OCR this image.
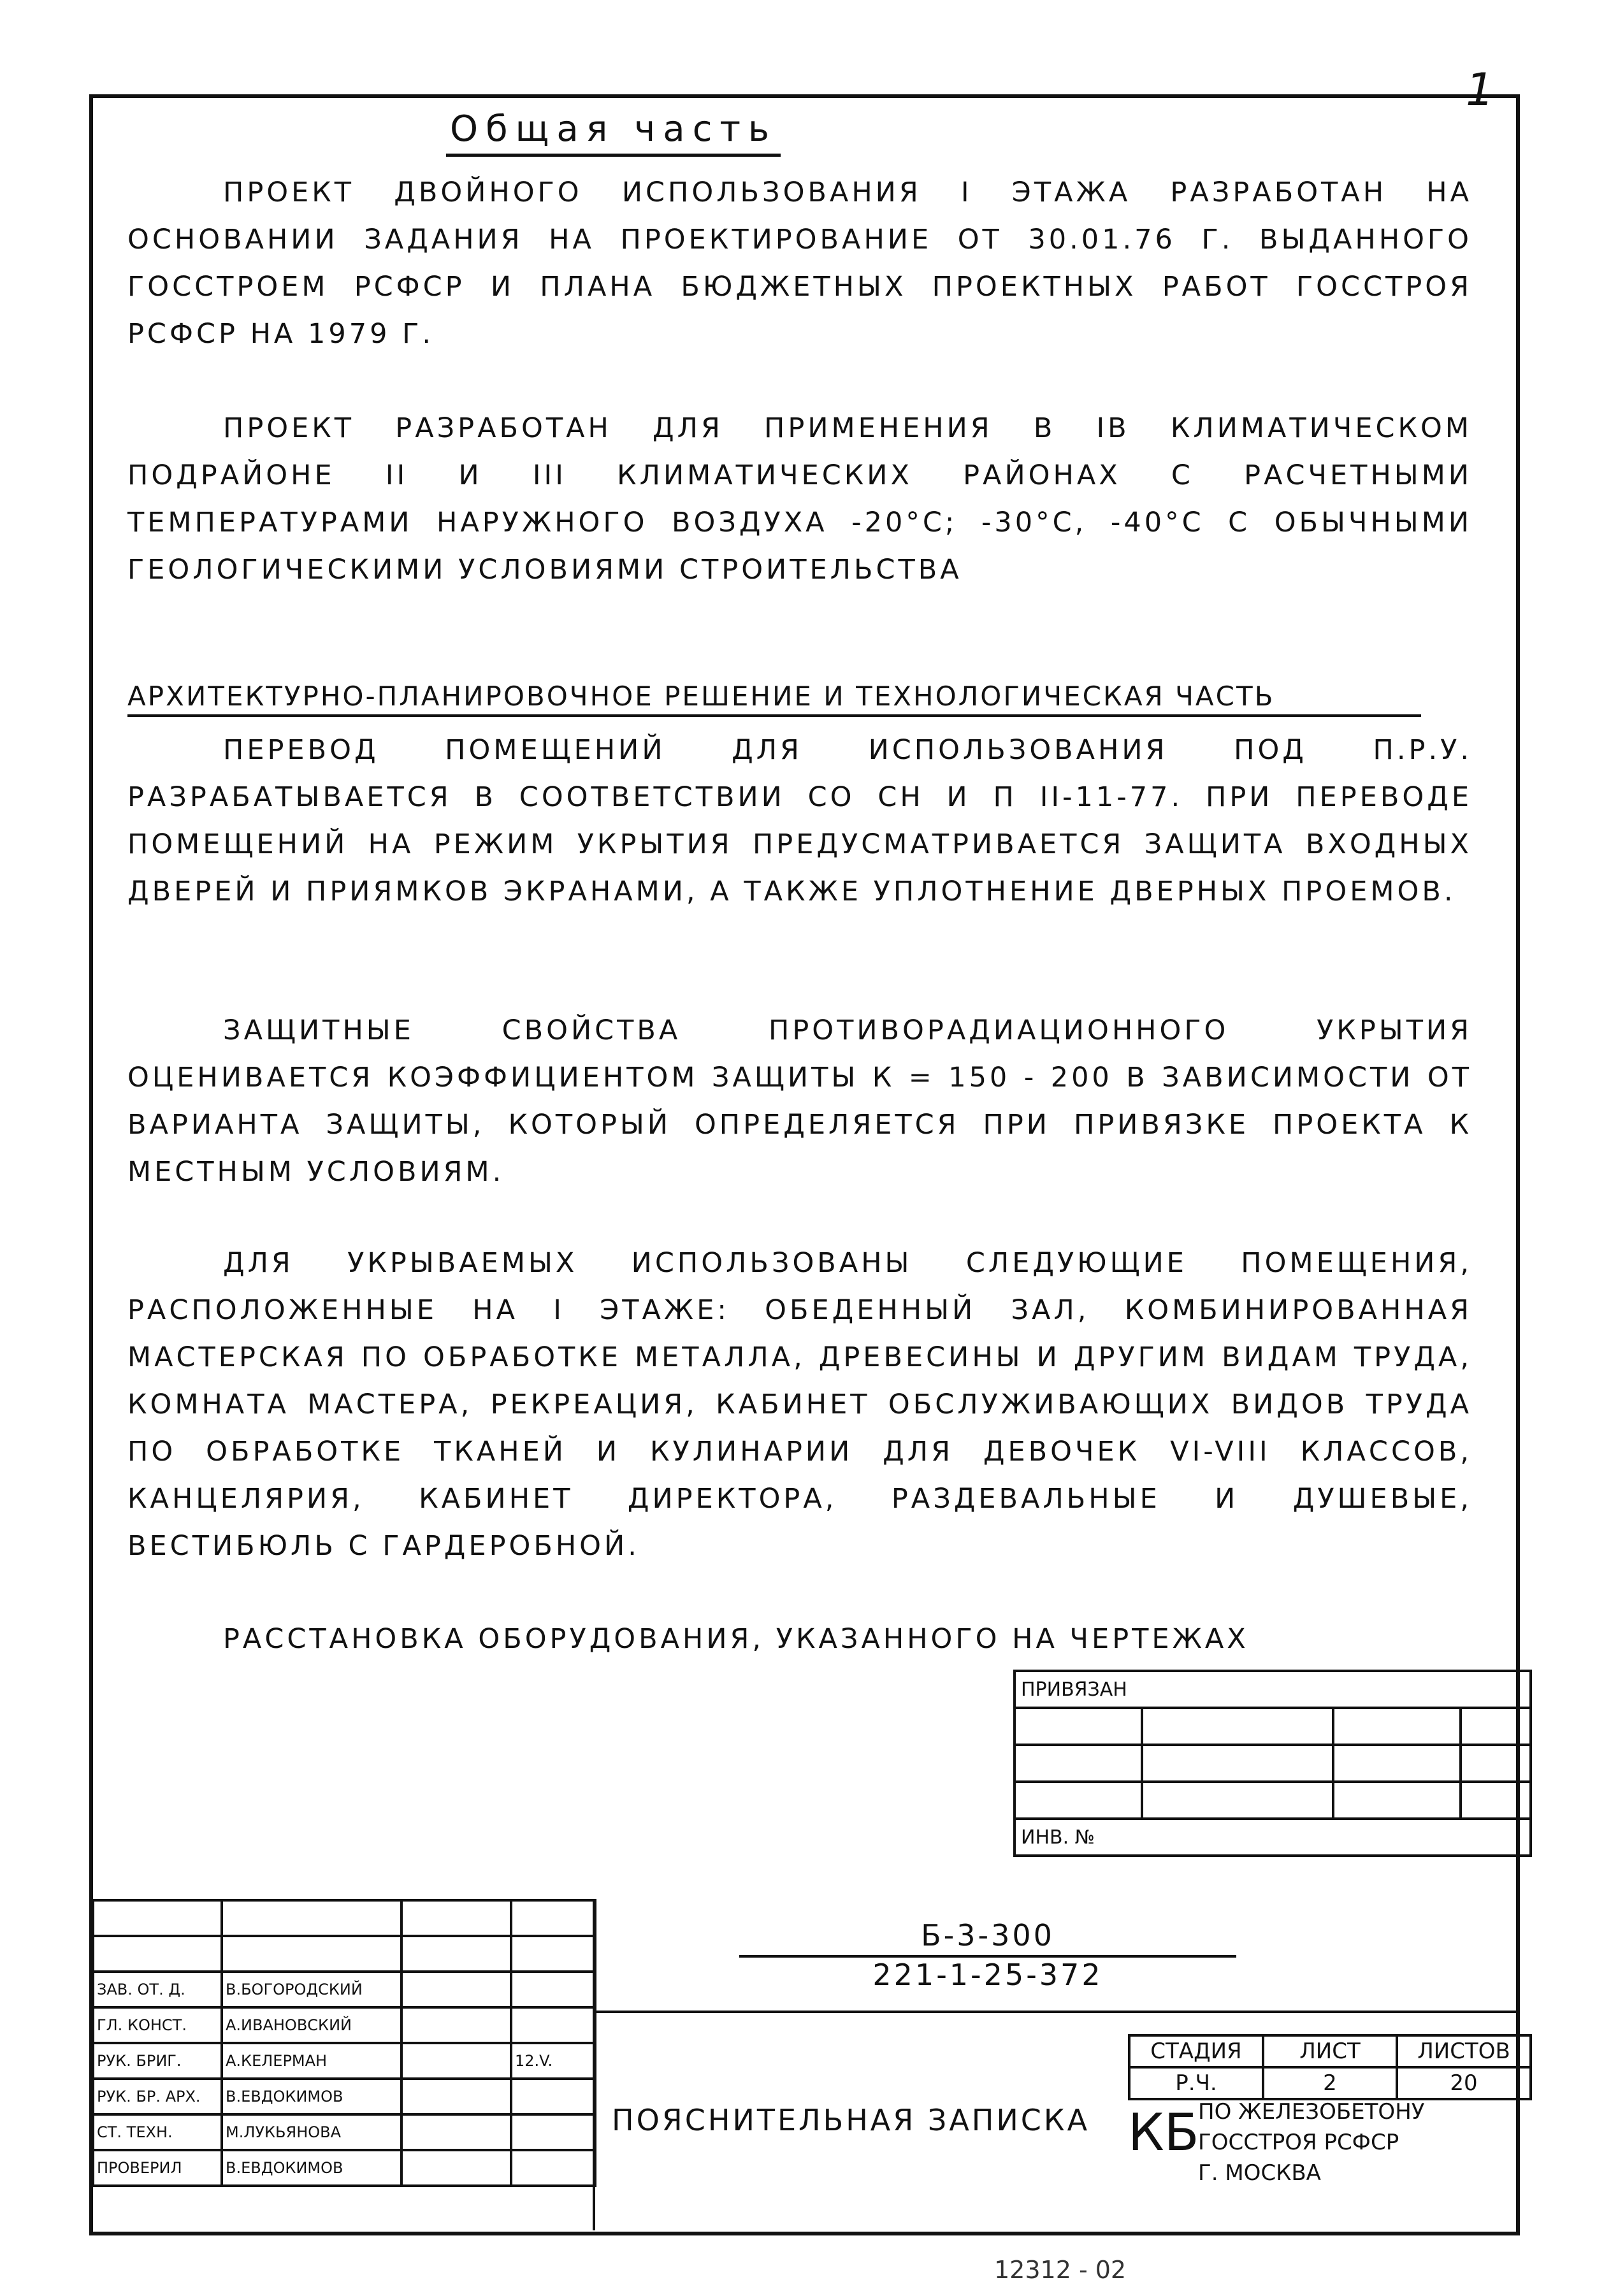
1
Общая часть

ПРОЕКТ ДВОЙНОГО ИСПОЛЬЗОВАНИЯ I ЭТАЖА РАЗРАБОТАН НА ОСНОВАНИИ ЗАДАНИЯ НА ПРОЕКТИРОВАНИЕ ОТ 30.01.76 Г. ВЫДАННОГО ГОССТРОЕМ РСФСР И ПЛАНА БЮДЖЕТНЫХ ПРОЕКТНЫХ РАБОТ ГОССТРОЯ РСФСР НА 1979 Г.

ПРОЕКТ РАЗРАБОТАН ДЛЯ ПРИМЕНЕНИЯ В IВ КЛИМАТИЧЕСКОМ ПОДРАЙОНЕ II И III КЛИМАТИЧЕСКИХ РАЙОНАХ С РАСЧЕТНЫМИ ТЕМПЕРАТУРАМИ НАРУЖНОГО ВОЗДУХА -20°С; -30°С, -40°С С ОБЫЧНЫМИ ГЕОЛОГИЧЕСКИМИ УСЛОВИЯМИ СТРОИТЕЛЬСТВА

АРХИТЕКТУРНО-ПЛАНИРОВОЧНОЕ РЕШЕНИЕ И ТЕХНОЛОГИЧЕСКАЯ ЧАСТЬ

ПЕРЕВОД ПОМЕЩЕНИЙ ДЛЯ ИСПОЛЬЗОВАНИЯ ПОД П.Р.У. РАЗРАБАТЫВАЕТСЯ В СООТВЕТСТВИИ СО СН И П II-11-77. ПРИ ПЕРЕВОДЕ ПОМЕЩЕНИЙ НА РЕЖИМ УКРЫТИЯ ПРЕДУСМАТРИВАЕТСЯ ЗАЩИТА ВХОДНЫХ ДВЕРЕЙ И ПРИЯМКОВ ЭКРАНАМИ, А ТАКЖЕ УПЛОТНЕНИЕ ДВЕРНЫХ ПРОЕМОВ.

ЗАЩИТНЫЕ СВОЙСТВА ПРОТИВОРАДИАЦИОННОГО УКРЫТИЯ ОЦЕНИВАЕТСЯ КОЭФФИЦИЕНТОМ ЗАЩИТЫ К = 150 - 200 В ЗАВИСИМОСТИ ОТ ВАРИАНТА ЗАЩИТЫ, КОТОРЫЙ ОПРЕДЕЛЯЕТСЯ ПРИ ПРИВЯЗКЕ ПРОЕКТА К МЕСТНЫМ УСЛОВИЯМ.

ДЛЯ УКРЫВАЕМЫХ ИСПОЛЬЗОВАНЫ СЛЕДУЮЩИЕ ПОМЕЩЕНИЯ, РАСПОЛОЖЕННЫЕ НА I ЭТАЖЕ: ОБЕДЕННЫЙ ЗАЛ, КОМБИНИРОВАННАЯ МАСТЕРСКАЯ ПО ОБРАБОТКЕ МЕТАЛЛА, ДРЕВЕСИНЫ И ДРУГИМ ВИДАМ ТРУДА, КОМНАТА МАСТЕРА, РЕКРЕАЦИЯ, КАБИНЕТ ОБСЛУЖИВАЮЩИХ ВИДОВ ТРУДА ПО ОБРАБОТКЕ ТКАНЕЙ И КУЛИНАРИИ ДЛЯ ДЕВОЧЕК VI-VIII КЛАССОВ, КАНЦЕЛЯРИЯ, КАБИНЕТ ДИРЕКТОРА, РАЗДЕВАЛЬНЫЕ И ДУШЕВЫЕ, ВЕСТИБЮЛЬ С ГАРДЕРОБНОЙ.

РАССТАНОВКА ОБОРУДОВАНИЯ, УКАЗАННОГО НА ЧЕРТЕЖАХ

ПРИВЯЗАН			

ИНВ. №			

ЗАВ. ОТ. Д.	В.БОГОРОДСКИЙ		
ГЛ. КОНСТ.	А.ИВАНОВСКИЙ		
РУК. БРИГ.	А.КЕЛЕРМАН		12.V.
РУК. БР. АРХ.	В.ЕВДОКИМОВ		
СТ. ТЕХН.	М.ЛУКЬЯНОВА		
ПРОВЕРИЛ	В.ЕВДОКИМОВ		
Б-3-300
221-1-25-372
ПОЯСНИТЕЛЬНАЯ ЗАПИСКА
СТАДИЯ	ЛИСТ	ЛИСТОВ
Р.Ч.	2	20
КБ
ПО ЖЕЛЕЗОБЕТОНУ
ГОССТРОЯ РСФСР
Г. МОСКВА
12312 - 02
